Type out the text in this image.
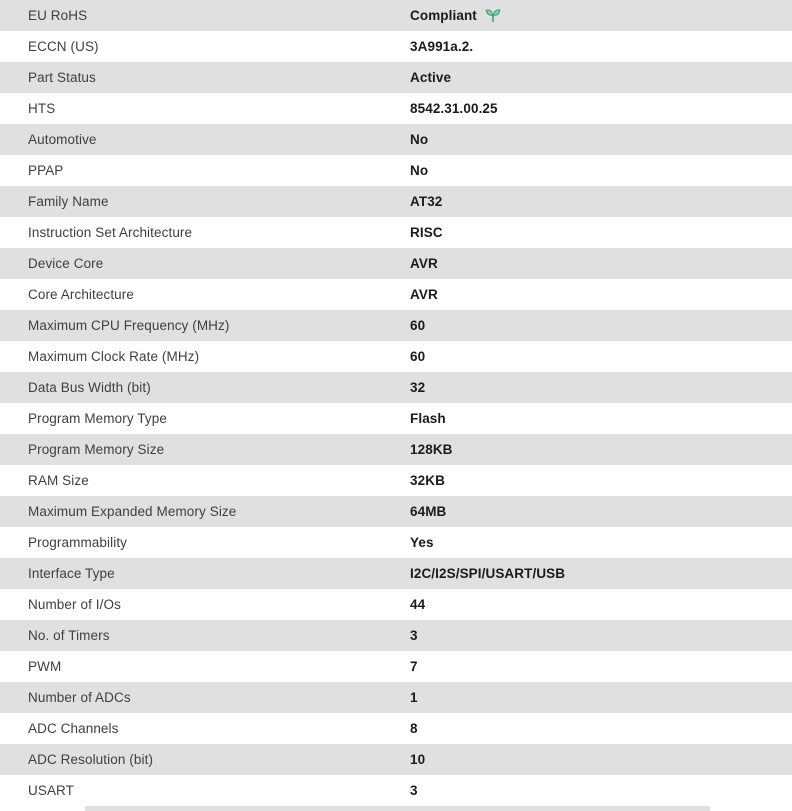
EU RoHS	Compliant
ECCN (US)	3A991a.2.
Part Status	Active
HTS	8542.31.00.25
Automotive	No
PPAP	No
Family Name	AT32
Instruction Set Architecture	RISC
Device Core	AVR
Core Architecture	AVR
Maximum CPU Frequency (MHz)	60
Maximum Clock Rate (MHz)	60
Data Bus Width (bit)	32
Program Memory Type	Flash
Program Memory Size	128KB
RAM Size	32KB
Maximum Expanded Memory Size	64MB
Programmability	Yes
Interface Type	I2C/I2S/SPI/USART/USB
Number of I/Os	44
No. of Timers	3
PWM	7
Number of ADCs	1
ADC Channels	8
ADC Resolution (bit)	10
USART	3
